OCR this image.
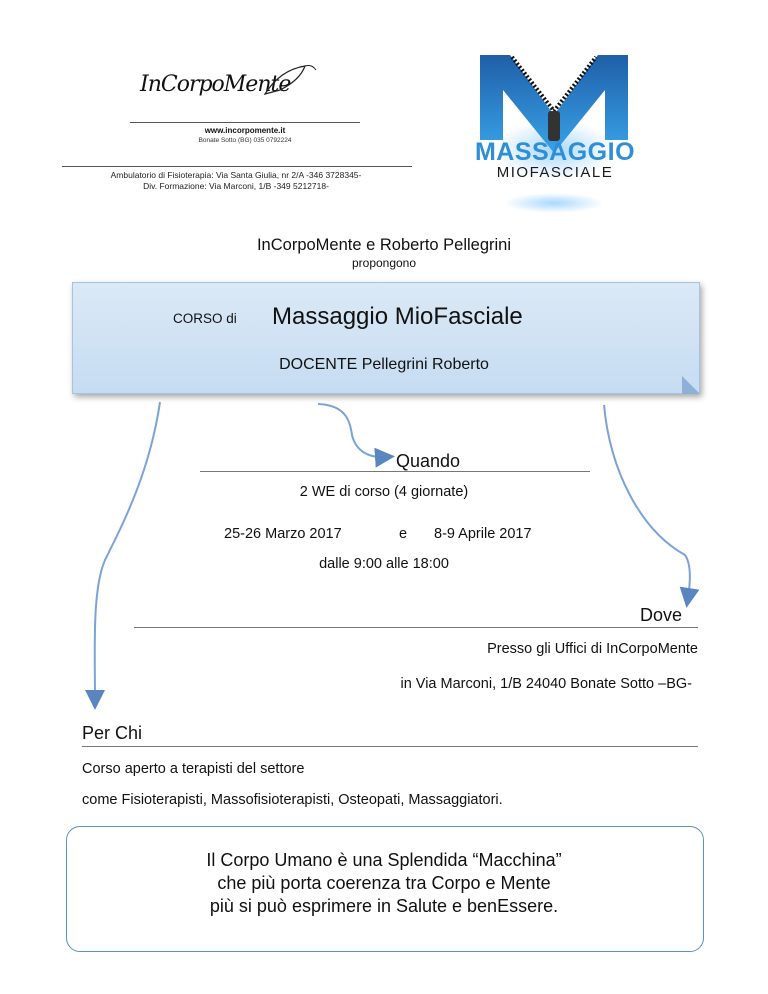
InCorpoMente
www.incorpomente.it
Bonate Sotto (BG) 035 0792224
Ambulatorio di Fisioterapia: Via Santa Giulia, nr 2/A -346 3728345-
Div. Formazione: Via Marconi, 1/B -349 5212718-
MASSAGGIO
MIOFASCIALE
InCorpoMente e Roberto Pellegrini
propongono
CORSO di Massaggio MioFasciale
DOCENTE Pellegrini Roberto
Quando
2 WE di corso (4 giornate)
25-26 Marzo 2017	e 8-9 Aprile 2017
dalle 9:00 alle 18:00
Dove
Presso gli Uffici di InCorpoMente
in Via Marconi, 1/B 24040 Bonate Sotto –BG-
Per Chi
Corso aperto a terapisti del settore
come Fisioterapisti, Massofisioterapisti, Osteopati, Massaggiatori.
Il Corpo Umano è una Splendida “Macchina”
che più porta coerenza tra Corpo e Mente
più si può esprimere in Salute e benEssere.
